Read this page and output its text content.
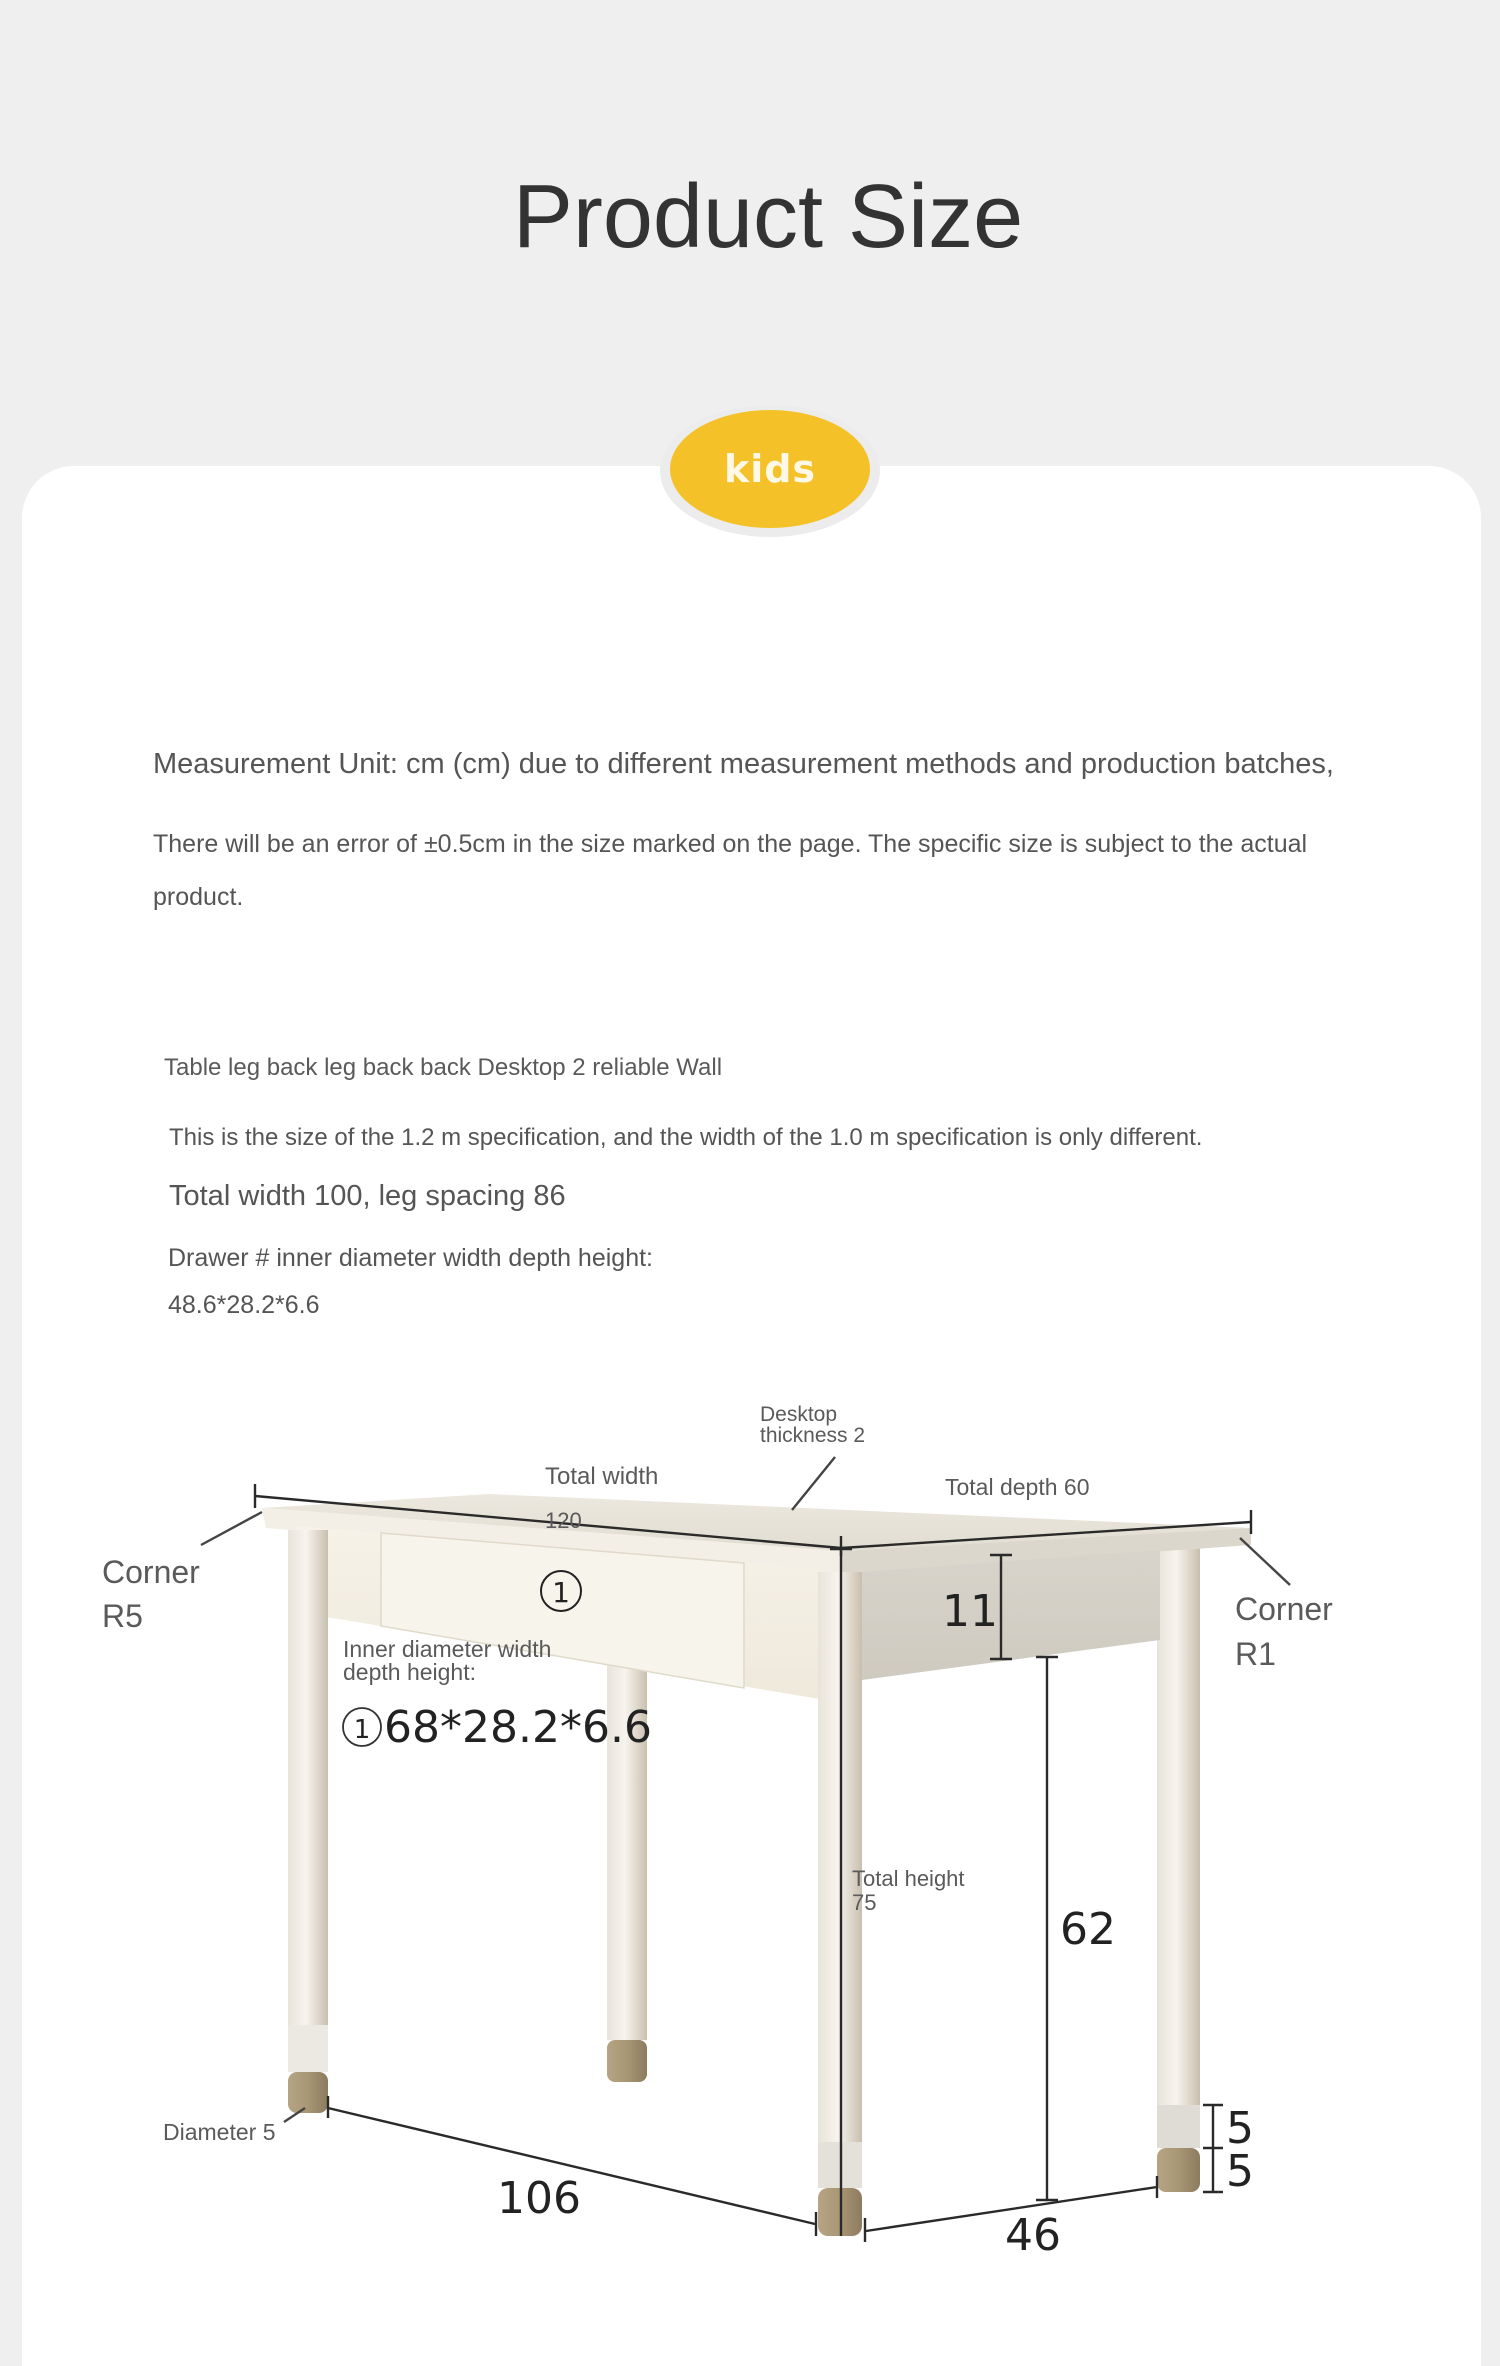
Product Size
kids
Measurement Unit: cm (cm) due to different measurement methods and production batches,
There will be an error of ±0.5cm in the size marked on the page. The specific size is subject to the actual
product.
Table leg back leg back back Desktop 2 reliable Wall
This is the size of the 1.2 m specification, and the width of the 1.0 m specification is only different.
Total width 100, leg spacing 86
Drawer # inner diameter width depth height:
48.6*28.2*6.6
1
Corner
R5	Corner
R1
Total width
120
Desktop
thickness 2
Total depth 60
Inner diameter width
depth height:
1 68*28.2*6.6
11
Total height
75
62
5
5
Diameter 5
106
46
